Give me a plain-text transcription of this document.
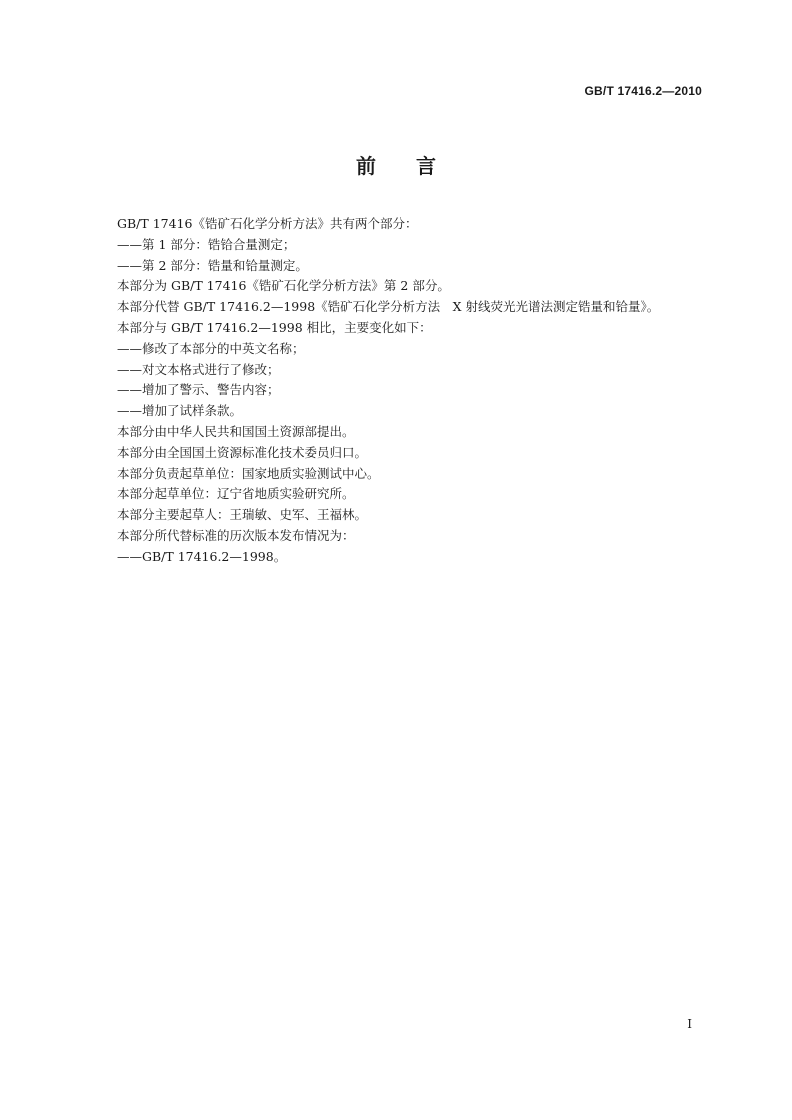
GB/T 17416.2—2010
前言
GB/T 17416《锆矿石化学分析方法》共有两个部分：
——第 1 部分：锆铪合量测定；
——第 2 部分：锆量和铪量测定。
本部分为 GB/T 17416《锆矿石化学分析方法》第 2 部分。
本部分代替 GB/T 17416.2—1998《锆矿石化学分析方法　X 射线荧光光谱法测定锆量和铪量》。
本部分与 GB/T 17416.2—1998 相比，主要变化如下：
——修改了本部分的中英文名称；
——对文本格式进行了修改；
——增加了警示、警告内容；
——增加了试样条款。
本部分由中华人民共和国国土资源部提出。
本部分由全国国土资源标准化技术委员归口。
本部分负责起草单位：国家地质实验测试中心。
本部分起草单位：辽宁省地质实验研究所。
本部分主要起草人：王瑞敏、史军、王福林。
本部分所代替标准的历次版本发布情况为：
——GB/T 17416.2—1998。
I
